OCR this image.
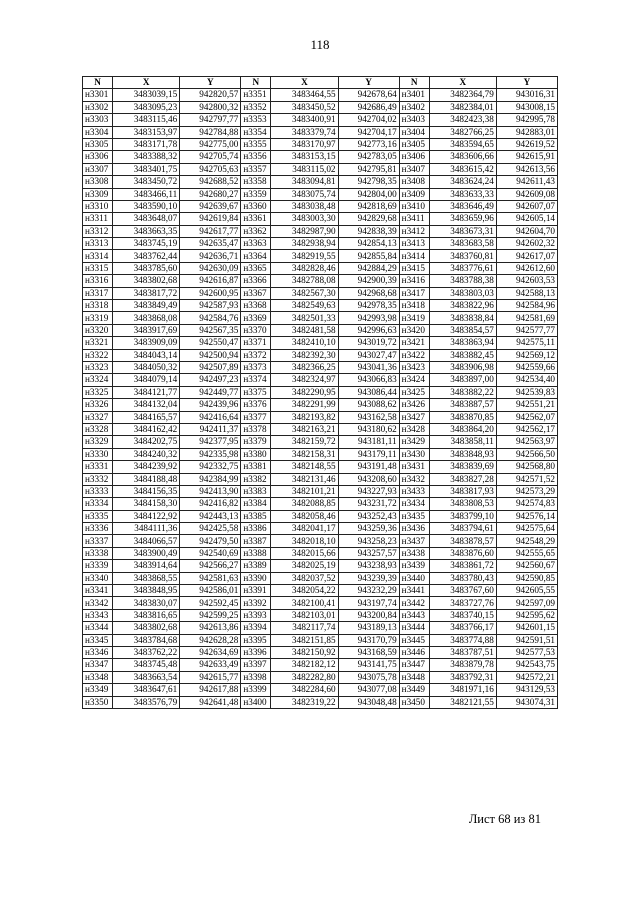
118
N	X	Y	N	X	Y	N	X	Y
н3301	3483039,15	942820,57	н3351	3483464,55	942678,64	н3401	3482364,79	943016,31
н3302	3483095,23	942800,32	н3352	3483450,52	942686,49	н3402	3482384,01	943008,15
н3303	3483115,46	942797,77	н3353	3483400,91	942704,02	н3403	3482423,38	942995,78
н3304	3483153,97	942784,88	н3354	3483379,74	942704,17	н3404	3482766,25	942883,01
н3305	3483171,78	942775,00	н3355	3483170,97	942773,16	н3405	3483594,65	942619,52
н3306	3483388,32	942705,74	н3356	3483153,15	942783,05	н3406	3483606,66	942615,91
н3307	3483401,75	942705,63	н3357	3483115,02	942795,81	н3407	3483615,42	942613,56
н3308	3483450,72	942688,52	н3358	3483094,81	942798,35	н3408	3483624,24	942611,43
н3309	3483466,11	942680,27	н3359	3483075,74	942804,00	н3409	3483633,33	942609,08
н3310	3483590,10	942639,67	н3360	3483038,48	942818,69	н3410	3483646,49	942607,07
н3311	3483648,07	942619,84	н3361	3483003,30	942829,68	н3411	3483659,96	942605,14
н3312	3483663,35	942617,77	н3362	3482987,90	942838,39	н3412	3483673,31	942604,70
н3313	3483745,19	942635,47	н3363	3482938,94	942854,13	н3413	3483683,58	942602,32
н3314	3483762,44	942636,71	н3364	3482919,55	942855,84	н3414	3483760,81	942617,07
н3315	3483785,60	942630,09	н3365	3482828,46	942884,29	н3415	3483776,61	942612,60
н3316	3483802,68	942616,87	н3366	3482788,08	942900,39	н3416	3483788,38	942603,53
н3317	3483817,72	942600,95	н3367	3482567,30	942968,68	н3417	3483803,03	942588,13
н3318	3483849,49	942587,93	н3368	3482549,63	942978,35	н3418	3483822,96	942584,96
н3319	3483868,08	942584,76	н3369	3482501,33	942993,98	н3419	3483838,84	942581,69
н3320	3483917,69	942567,35	н3370	3482481,58	942996,63	н3420	3483854,57	942577,77
н3321	3483909,09	942550,47	н3371	3482410,10	943019,72	н3421	3483863,94	942575,11
н3322	3484043,14	942500,94	н3372	3482392,30	943027,47	н3422	3483882,45	942569,12
н3323	3484050,32	942507,89	н3373	3482366,25	943041,36	н3423	3483906,98	942559,66
н3324	3484079,14	942497,23	н3374	3482324,97	943066,83	н3424	3483897,00	942534,40
н3325	3484121,77	942449,77	н3375	3482290,95	943086,44	н3425	3483882,22	942539,83
н3326	3484132,04	942439,96	н3376	3482291,99	943088,62	н3426	3483887,57	942551,21
н3327	3484165,57	942416,64	н3377	3482193,82	943162,58	н3427	3483870,85	942562,07
н3328	3484162,42	942411,37	н3378	3482163,21	943180,62	н3428	3483864,20	942562,17
н3329	3484202,75	942377,95	н3379	3482159,72	943181,11	н3429	3483858,11	942563,97
н3330	3484240,32	942335,98	н3380	3482158,31	943179,11	н3430	3483848,93	942566,50
н3331	3484239,92	942332,75	н3381	3482148,55	943191,48	н3431	3483839,69	942568,80
н3332	3484188,48	942384,99	н3382	3482131,46	943208,60	н3432	3483827,28	942571,52
н3333	3484156,35	942413,90	н3383	3482101,21	943227,93	н3433	3483817,93	942573,29
н3334	3484158,30	942416,82	н3384	3482088,85	943231,72	н3434	3483808,53	942574,83
н3335	3484122,92	942443,13	н3385	3482058,46	943252,43	н3435	3483799,10	942576,14
н3336	3484111,36	942425,58	н3386	3482041,17	943259,36	н3436	3483794,61	942575,64
н3337	3484066,57	942479,50	н3387	3482018,10	943258,23	н3437	3483878,57	942548,29
н3338	3483900,49	942540,69	н3388	3482015,66	943257,57	н3438	3483876,60	942555,65
н3339	3483914,64	942566,27	н3389	3482025,19	943238,93	н3439	3483861,72	942560,67
н3340	3483868,55	942581,63	н3390	3482037,52	943239,39	н3440	3483780,43	942590,85
н3341	3483848,95	942586,01	н3391	3482054,22	943232,29	н3441	3483767,60	942605,55
н3342	3483830,07	942592,45	н3392	3482100,41	943197,74	н3442	3483727,76	942597,09
н3343	3483816,65	942599,25	н3393	3482103,01	943200,84	н3443	3483740,15	942595,62
н3344	3483802,68	942613,86	н3394	3482117,74	943189,13	н3444	3483766,17	942601,15
н3345	3483784,68	942628,28	н3395	3482151,85	943170,79	н3445	3483774,88	942591,51
н3346	3483762,22	942634,69	н3396	3482150,92	943168,59	н3446	3483787,51	942577,53
н3347	3483745,48	942633,49	н3397	3482182,12	943141,75	н3447	3483879,78	942543,75
н3348	3483663,54	942615,77	н3398	3482282,80	943075,78	н3448	3483792,31	942572,21
н3349	3483647,61	942617,88	н3399	3482284,60	943077,08	н3449	3481971,16	943129,53
н3350	3483576,79	942641,48	н3400	3482319,22	943048,48	н3450	3482121,55	943074,31
Лист 68 из 81
